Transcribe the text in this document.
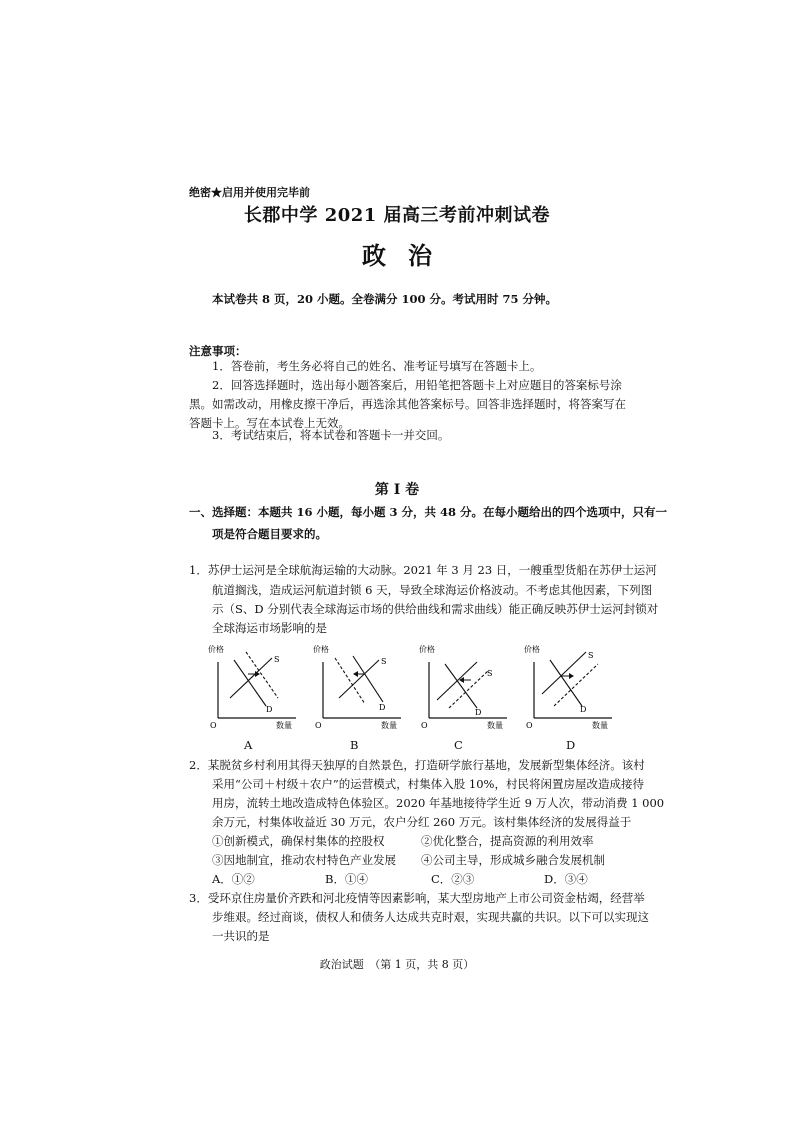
绝密★启用并使用完毕前
长郡中学 2021 届高三考前冲刺试卷
政治
本试卷共 8 页，20 小题。全卷满分 100 分。考试用时 75 分钟。
注意事项：
1．答卷前，考生务必将自己的姓名、准考证号填写在答题卡上。
2．回答选择题时，选出每小题答案后，用铅笔把答题卡上对应题目的答案标号涂
黑。如需改动，用橡皮擦干净后，再选涂其他答案标号。回答非选择题时，将答案写在
答题卡上。写在本试卷上无效。
3．考试结束后，将本试卷和答题卡一并交回。
第 Ⅰ 卷
一、选择题：本题共 16 小题，每小题 3 分，共 48 分。在每小题给出的四个选项中，只有一
项是符合题目要求的。
1．苏伊士运河是全球航海运输的大动脉。2021 年 3 月 23 日，一艘重型货船在苏伊士运河
航道搁浅，造成运河航道封锁 6 天，导致全球海运价格波动。不考虑其他因素，下列图
示（S、D 分别代表全球海运市场的供给曲线和需求曲线）能正确反映苏伊士运河封锁对
全球海运市场影响的是
价格
O	数量
S
D
A
价格
O	数量
S
D
B
价格
O	数量
S
D
C
价格
O	数量
S
D
D
2．某脱贫乡村利用其得天独厚的自然景色，打造研学旅行基地，发展新型集体经济。该村
采用“公司＋村级＋农户”的运营模式，村集体入股 10%，村民将闲置房屋改造成接待
用房，流转土地改造成特色体验区。2020 年基地接待学生近 9 万人次，带动消费 1 000
余万元，村集体收益近 30 万元，农户分红 260 万元。该村集体经济的发展得益于
①创新模式，确保村集体的控股权	②优化整合，提高资源的利用效率
③因地制宜，推动农村特色产业发展 ④公司主导，形成城乡融合发展机制
A．①②	B．①④	C．②③	D．③④
3．受环京住房量价齐跌和河北疫情等因素影响，某大型房地产上市公司资金枯竭，经营举
步维艰。经过商谈，债权人和债务人达成共克时艰，实现共赢的共识。以下可以实现这
一共识的是
政治试题　（第 1 页，共 8 页）
